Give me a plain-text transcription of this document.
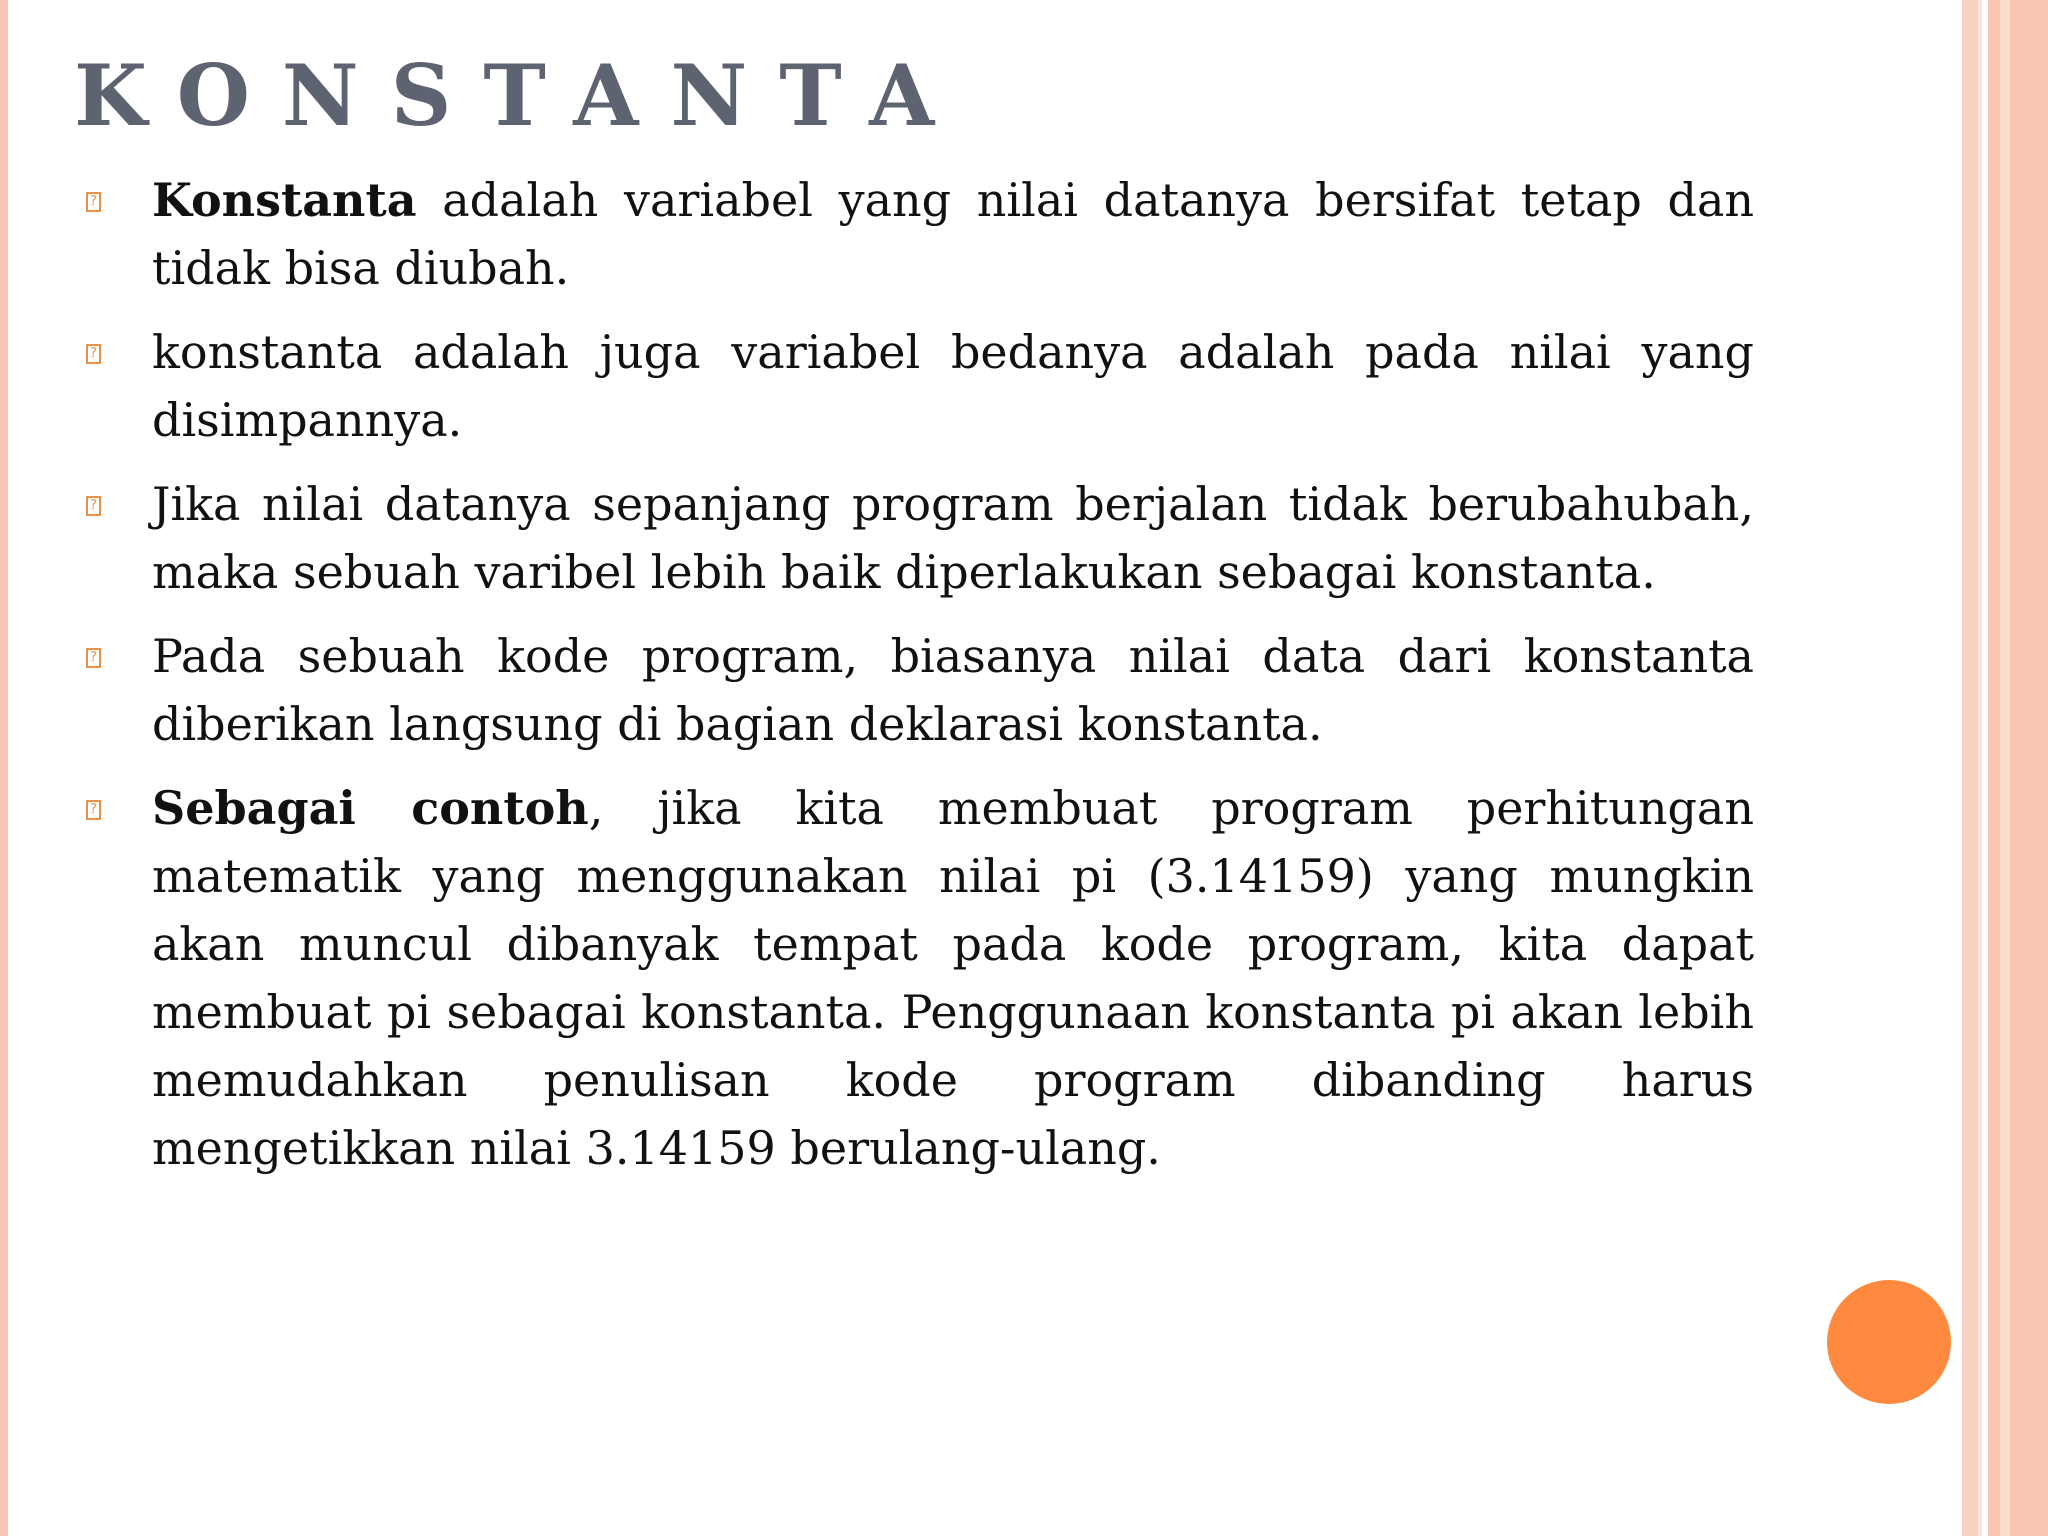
KONSTANTA
? Konstanta adalah variabel yang nilai datanya bersifat tetap dan tidak bisa diubah.
? konstanta adalah juga variabel bedanya adalah pada nilai yang disimpannya.
? Jika nilai datanya sepanjang program berjalan tidak berubahubah, maka sebuah varibel lebih baik diperlakukan sebagai konstanta.
? Pada sebuah kode program, biasanya nilai data dari konstanta diberikan langsung di bagian deklarasi konstanta.
? Sebagai contoh, jika kita membuat program perhitungan matematik yang menggunakan nilai pi (3.14159) yang mungkin akan muncul dibanyak tempat pada kode program, kita dapat membuat pi sebagai konstanta. Penggunaan konstanta pi akan lebih memudahkan penulisan kode program dibanding harus mengetikkan nilai 3.14159 berulang-ulang.
